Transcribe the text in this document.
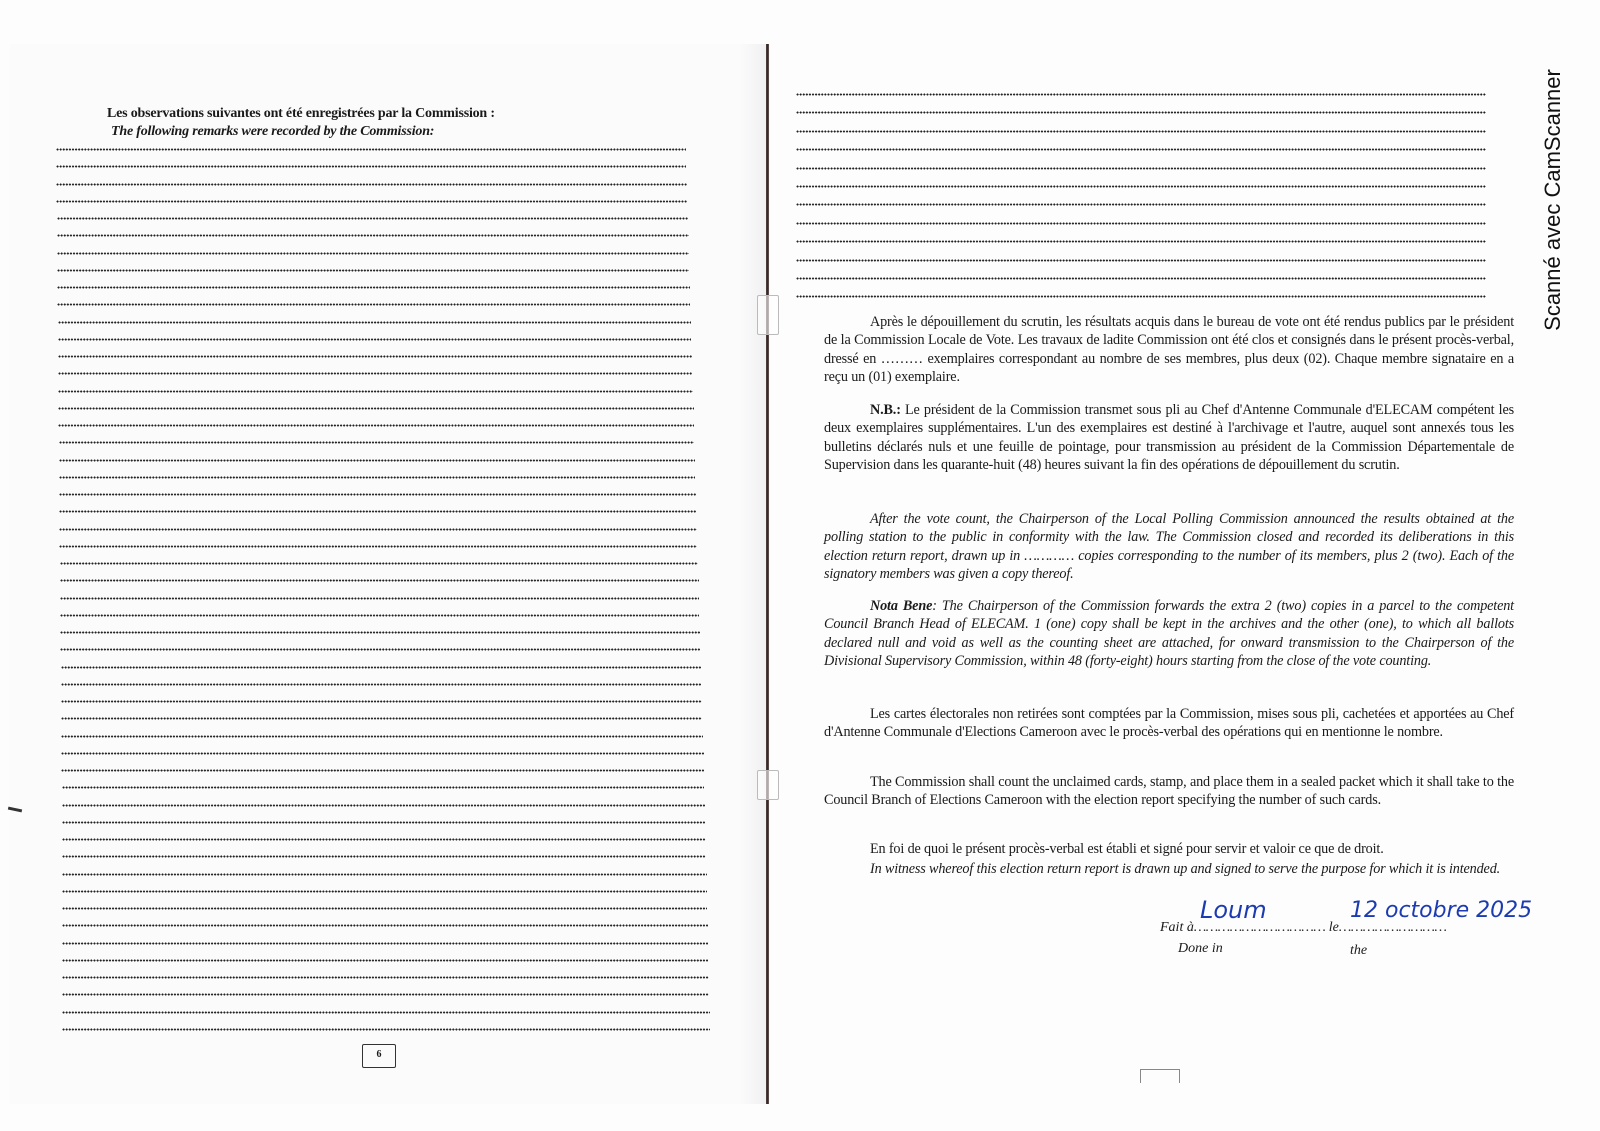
Les observations suivantes ont été enregistrées par la Commission :
The following remarks were recorded by the Commission:
6
Après le dépouillement du scrutin, les résultats acquis dans le bureau de vote ont été rendus publics par le président de la Commission Locale de Vote. Les travaux de ladite Commission ont été clos et consignés dans le présent procès-verbal, dressé en ……… exemplaires correspondant au nombre de ses membres, plus deux (02). Chaque membre signataire en a reçu un (01) exemplaire.
N.B.: Le président de la Commission transmet sous pli au Chef d'Antenne Communale d'ELECAM compétent les deux exemplaires supplémentaires. L'un des exemplaires est destiné à l'archivage et l'autre, auquel sont annexés tous les bulletins déclarés nuls et une feuille de pointage, pour transmission au président de la Commission Départementale de Supervision dans les quarante-huit (48) heures suivant la fin des opérations de dépouillement du scrutin.
After the vote count, the Chairperson of the Local Polling Commission announced the results obtained at the polling station to the public in conformity with the law. The Commission closed and recorded its deliberations in this election return report, drawn up in ………… copies corresponding to the number of its members, plus 2 (two). Each of the signatory members was given a copy thereof.
Nota Bene: The Chairperson of the Commission forwards the extra 2 (two) copies in a parcel to the competent Council Branch Head of ELECAM. 1 (one) copy shall be kept in the archives and the other (one), to which all ballots declared null and void as well as the counting sheet are attached, for onward transmission to the Chairperson of the Divisional Supervisory Commission, within 48 (forty-eight) hours starting from the close of the vote counting.
Les cartes électorales non retirées sont comptées par la Commission, mises sous pli, cachetées et apportées au Chef d'Antenne Communale d'Elections Cameroon avec le procès-verbal des opérations qui en mentionne le nombre.
The Commission shall count the unclaimed cards, stamp, and place them in a sealed packet which it shall take to the Council Branch of Elections Cameroon with the election report specifying the number of such cards.
En foi de quoi le présent procès-verbal est établi et signé pour servir et valoir ce que de droit.
In witness whereof this election return report is drawn up and signed to serve the purpose for which it is intended.
Fait à…………………………… le………………………
Loum	12 octobre 2025
Done in	the
Scanné avec CamScanner
